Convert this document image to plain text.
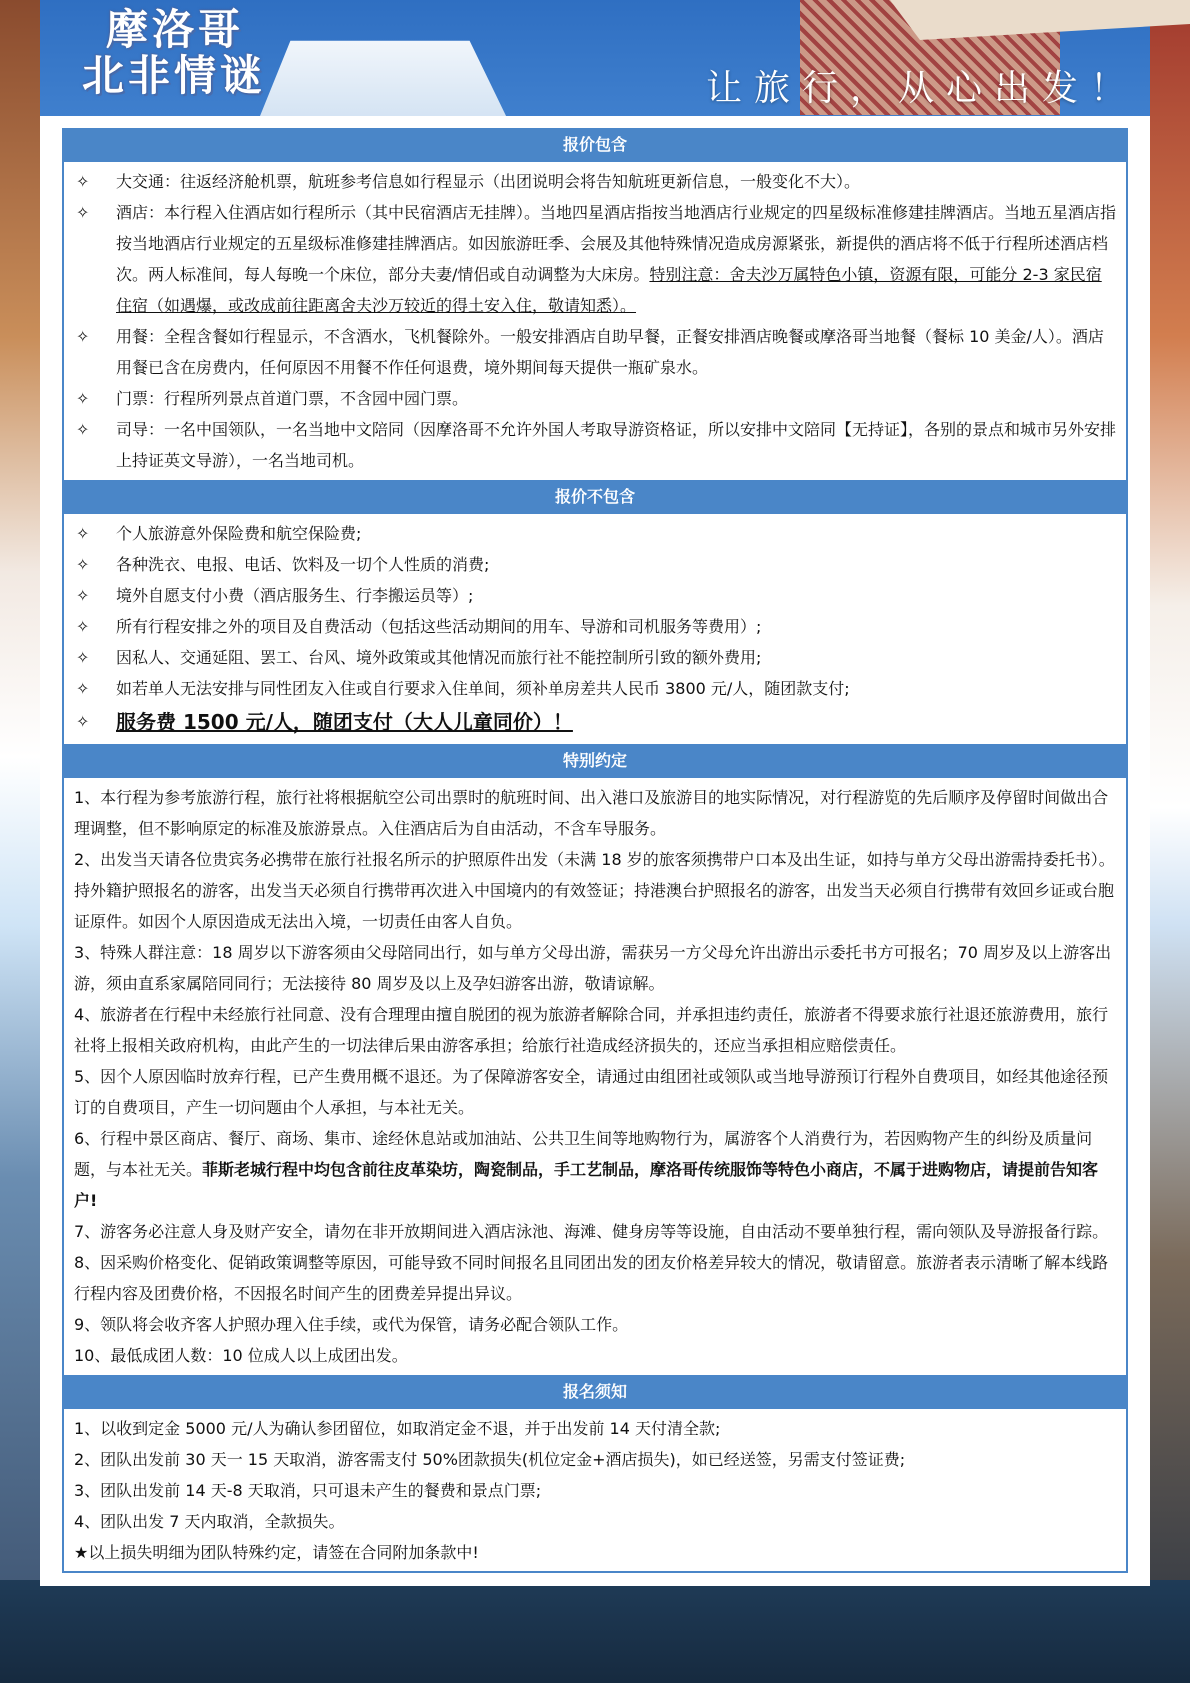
摩洛哥
北非情谜	让旅行，从心出发！
报价包含
✧ 大交通：往返经济舱机票，航班参考信息如行程显示（出团说明会将告知航班更新信息，一般变化不大）。
✧ 酒店：本行程入住酒店如行程所示（其中民宿酒店无挂牌）。当地四星酒店指按当地酒店行业规定的四星级标准修建挂牌酒店。当地五星酒店指按当地酒店行业规定的五星级标准修建挂牌酒店。如因旅游旺季、会展及其他特殊情况造成房源紧张，新提供的酒店将不低于行程所述酒店档次。两人标准间，每人每晚一个床位，部分夫妻/情侣或自动调整为大床房。特别注意：舍夫沙万属特色小镇，资源有限，可能分 2-3 家民宿住宿（如遇爆，或改成前往距离舍夫沙万较近的得土安入住，敬请知悉）。
✧ 用餐：全程含餐如行程显示，不含酒水，飞机餐除外。一般安排酒店自助早餐，正餐安排酒店晚餐或摩洛哥当地餐（餐标 10 美金/人）。酒店用餐已含在房费内，任何原因不用餐不作任何退费，境外期间每天提供一瓶矿泉水。
✧ 门票：行程所列景点首道门票，不含园中园门票。
✧ 司导：一名中国领队，一名当地中文陪同（因摩洛哥不允许外国人考取导游资格证，所以安排中文陪同【无持证】，各别的景点和城市另外安排上持证英文导游），一名当地司机。
报价不包含
✧ 个人旅游意外保险费和航空保险费;
✧ 各种洗衣、电报、电话、饮料及一切个人性质的消费;
✧ 境外自愿支付小费（酒店服务生、行李搬运员等）;
✧ 所有行程安排之外的项目及自费活动（包括这些活动期间的用车、导游和司机服务等费用）;
✧ 因私人、交通延阻、罢工、台风、境外政策或其他情况而旅行社不能控制所引致的额外费用;
✧ 如若单人无法安排与同性团友入住或自行要求入住单间，须补单房差共人民币 3800 元/人，随团款支付;
✧ 服务费 1500 元/人，随团支付（大人儿童同价）！
特别约定
1、本行程为参考旅游行程，旅行社将根据航空公司出票时的航班时间、出入港口及旅游目的地实际情况，对行程游览的先后顺序及停留时间做出合理调整，但不影响原定的标准及旅游景点。入住酒店后为自由活动，不含车导服务。
2、出发当天请各位贵宾务必携带在旅行社报名所示的护照原件出发（未满 18 岁的旅客须携带户口本及出生证，如持与单方父母出游需持委托书）。持外籍护照报名的游客，出发当天必须自行携带再次进入中国境内的有效签证；持港澳台护照报名的游客，出发当天必须自行携带有效回乡证或台胞证原件。如因个人原因造成无法出入境，一切责任由客人自负。
3、特殊人群注意：18 周岁以下游客须由父母陪同出行，如与单方父母出游，需获另一方父母允许出游出示委托书方可报名；70 周岁及以上游客出游，须由直系家属陪同同行；无法接待 80 周岁及以上及孕妇游客出游，敬请谅解。
4、旅游者在行程中未经旅行社同意、没有合理理由擅自脱团的视为旅游者解除合同，并承担违约责任，旅游者不得要求旅行社退还旅游费用，旅行社将上报相关政府机构，由此产生的一切法律后果由游客承担；给旅行社造成经济损失的，还应当承担相应赔偿责任。
5、因个人原因临时放弃行程，已产生费用概不退还。为了保障游客安全，请通过由组团社或领队或当地导游预订行程外自费项目，如经其他途径预订的自费项目，产生一切问题由个人承担，与本社无关。
6、行程中景区商店、餐厅、商场、集市、途经休息站或加油站、公共卫生间等地购物行为，属游客个人消费行为，若因购物产生的纠纷及质量问题，与本社无关。菲斯老城行程中均包含前往皮革染坊，陶瓷制品，手工艺制品，摩洛哥传统服饰等特色小商店，不属于进购物店，请提前告知客户!
7、游客务必注意人身及财产安全，请勿在非开放期间进入酒店泳池、海滩、健身房等等设施，自由活动不要单独行程，需向领队及导游报备行踪。
8、因采购价格变化、促销政策调整等原因，可能导致不同时间报名且同团出发的团友价格差异较大的情况，敬请留意。旅游者表示清晰了解本线路行程内容及团费价格，不因报名时间产生的团费差异提出异议。
9、领队将会收齐客人护照办理入住手续，或代为保管，请务必配合领队工作。
10、最低成团人数：10 位成人以上成团出发。
报名须知
1、以收到定金 5000 元/人为确认参团留位，如取消定金不退，并于出发前 14 天付清全款;
2、团队出发前 30 天一 15 天取消，游客需支付 50%团款损失(机位定金+酒店损失)，如已经送签，另需支付签证费;
3、团队出发前 14 天-8 天取消，只可退未产生的餐费和景点门票;
4、团队出发 7 天内取消，全款损失。
★以上损失明细为团队特殊约定，请签在合同附加条款中!
